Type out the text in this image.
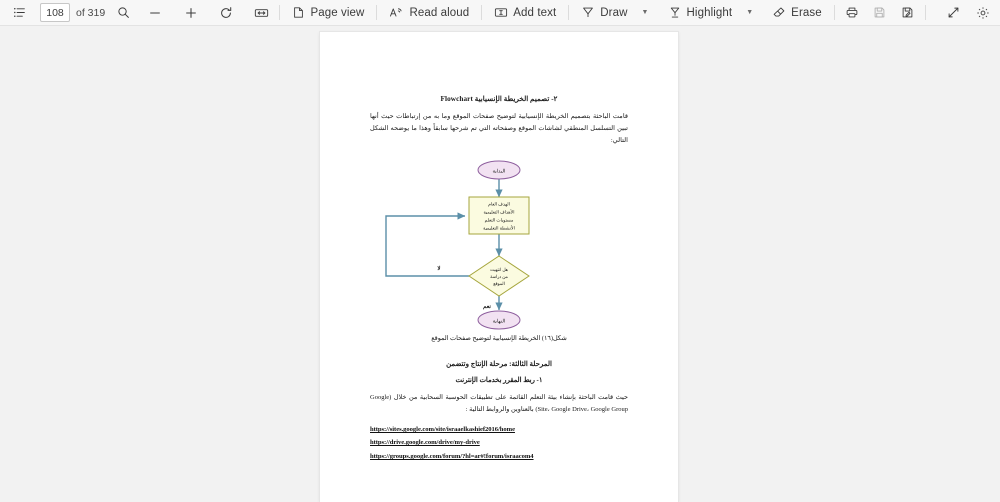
108 of 319	Page view	Read aloud	Add text	Draw ▼	Highlight ▼	Erase
٢- تصميم الخريطة الإنسيابية Flowchart

قامت الباحثة بتصميم الخريطة الإنسيابية لتوضيح صفحات الموقع وما به من إرتباطات حيث أنها تبين التسلسل المنطقي لشاشات الموقع وصفحاته التي تم شرحها سابقاً وهذا ما يوضحه الشكل التالي:

البداية
الهدف العام
الأهداف التعليمية
مستويات التعلم
الأنشطة التعليمية
هل انتهيت
من دراسة
الموقع
لا
نعم
النهاية
شكل(١٦) الخريطة الإنسيابية لتوضيح صفحات الموقع
المرحلة الثالثة: مرحلة الإنتاج وتتضمن
١- ربط المقرر بخدمات الإنترنت

حيث قامت الباحثة بإنشاء بيئة التعلم القائمة على تطبيقات الحوسبة السحابية من خلال (Google Site، Google Drive، Google Group) بالعناوين والروابط التالية :

https://sites.google.com/site/israaelkashief2016/home
https://drive.google.com/drive/my-drive
https://groups.google.com/forum/?hl=ar#!forum/israacom4
